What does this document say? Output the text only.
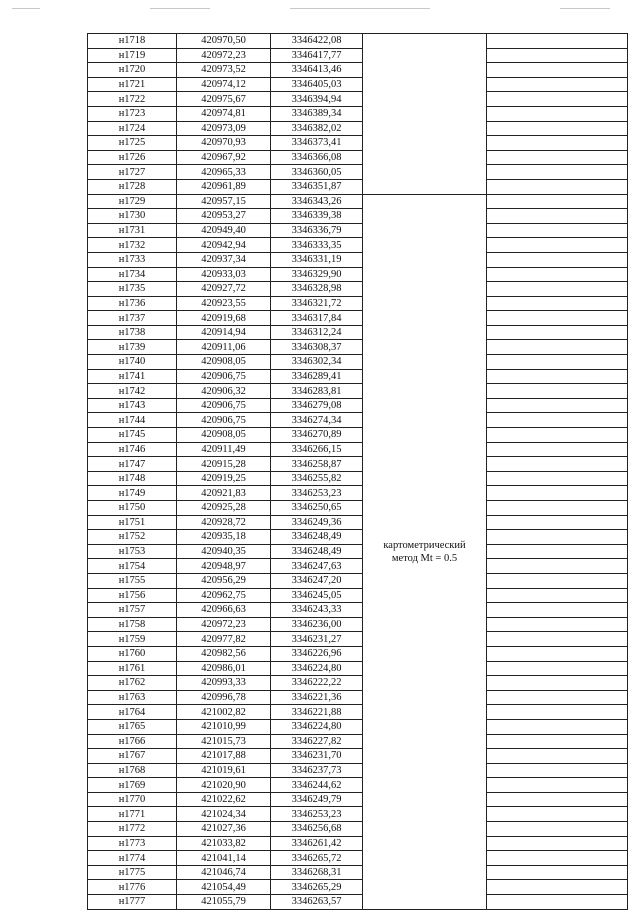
н1718	420970,50	3346422,08		
н1719	420972,23	3346417,77		
н1720	420973,52	3346413,46		
н1721	420974,12	3346405,03		
н1722	420975,67	3346394,94		
н1723	420974,81	3346389,34		
н1724	420973,09	3346382,02		
н1725	420970,93	3346373,41		
н1726	420967,92	3346366,08		
н1727	420965,33	3346360,05		
н1728	420961,89	3346351,87		
н1729	420957,15	3346343,26	картометрический
метод Mt = 0.5	

н1730	420953,27	3346339,38		
н1731	420949,40	3346336,79		
н1732	420942,94	3346333,35		
н1733	420937,34	3346331,19		
н1734	420933,03	3346329,90		
н1735	420927,72	3346328,98		
н1736	420923,55	3346321,72		
н1737	420919,68	3346317,84		
н1738	420914,94	3346312,24		
н1739	420911,06	3346308,37		
н1740	420908,05	3346302,34		
н1741	420906,75	3346289,41		
н1742	420906,32	3346283,81		
н1743	420906,75	3346279,08		
н1744	420906,75	3346274,34		
н1745	420908,05	3346270,89		
н1746	420911,49	3346266,15		
н1747	420915,28	3346258,87		
н1748	420919,25	3346255,82		
н1749	420921,83	3346253,23		
н1750	420925,28	3346250,65		
н1751	420928,72	3346249,36		
н1752	420935,18	3346248,49		
н1753	420940,35	3346248,49		
н1754	420948,97	3346247,63		
н1755	420956,29	3346247,20		
н1756	420962,75	3346245,05		
н1757	420966,63	3346243,33		
н1758	420972,23	3346236,00		
н1759	420977,82	3346231,27		
н1760	420982,56	3346226,96		
н1761	420986,01	3346224,80		
н1762	420993,33	3346222,22		
н1763	420996,78	3346221,36		
н1764	421002,82	3346221,88		
н1765	421010,99	3346224,80		
н1766	421015,73	3346227,82		
н1767	421017,88	3346231,70		
н1768	421019,61	3346237,73		
н1769	421020,90	3346244,62		
н1770	421022,62	3346249,79		
н1771	421024,34	3346253,23		
н1772	421027,36	3346256,68		
н1773	421033,82	3346261,42		
н1774	421041,14	3346265,72		
н1775	421046,74	3346268,31		
н1776	421054,49	3346265,29		
н1777	421055,79	3346263,57		
